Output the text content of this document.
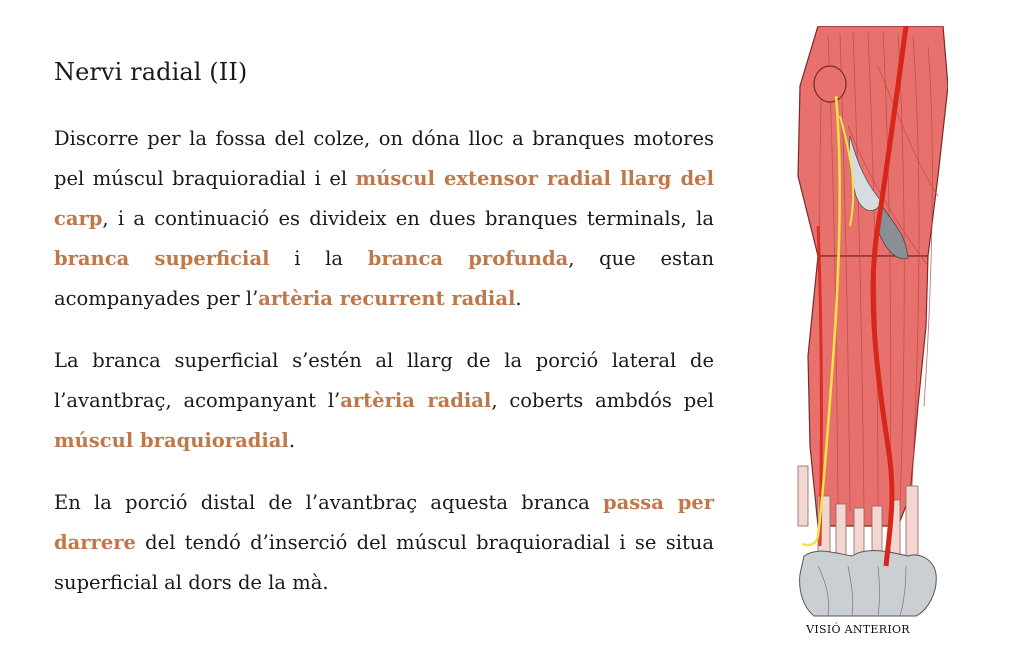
Nervi radial (II)

Discorre per la fossa del colze, on dóna lloc a branques motores pel múscul braquioradial i el múscul extensor radial llarg del carp, i a continuació es divideix en dues branques terminals, la branca superficial i la branca profunda, que estan acompanyades per l’artèria recurrent radial.

La branca superficial s’estén al llarg de la porció lateral de l’avantbraç, acompanyant l’artèria radial, coberts ambdós pel múscul braquioradial.

En la porció distal de l’avantbraç aquesta branca passa per darrere del tendó d’inserció del múscul braquioradial i se situa superficial al dors de la mà.

VISIÓ ANTERIOR
